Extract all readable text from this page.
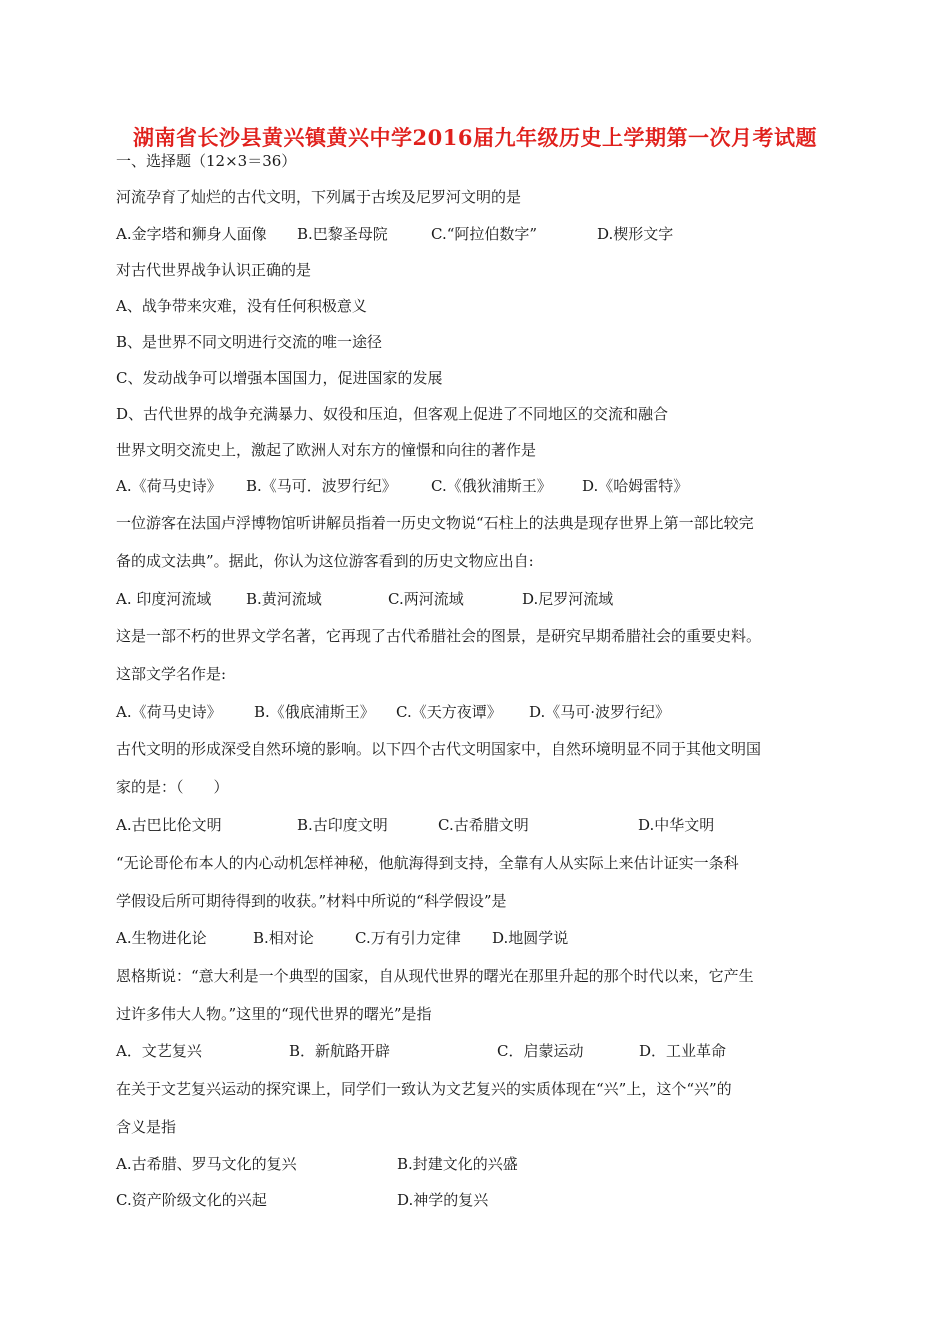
湖南省长沙县黄兴镇黄兴中学2016届九年级历史上学期第一次月考试题
一、选择题（12×3＝36）
河流孕育了灿烂的古代文明，下列属于古埃及尼罗河文明的是
A.金字塔和狮身人面像 B.巴黎圣母院	C.“阿拉伯数字”	D.楔形文字
对古代世界战争认识正确的是
A、战争带来灾难，没有任何积极意义
B、是世界不同文明进行交流的唯一途径
C、发动战争可以增强本国国力，促进国家的发展
D、古代世界的战争充满暴力、奴役和压迫，但客观上促进了不同地区的交流和融合
世界文明交流史上，激起了欧洲人对东方的憧憬和向往的著作是
A.《荷马史诗》 B.《马可．波罗行纪》 C.《俄狄浦斯王》 D.《哈姆雷特》
一位游客在法国卢浮博物馆听讲解员指着一历史文物说“石柱上的法典是现存世界上第一部比较完
备的成文法典”。据此，你认为这位游客看到的历史文物应出自:
A. 印度河流域 B.黄河流域	C.两河流域	D.尼罗河流域
这是一部不朽的世界文学名著，它再现了古代希腊社会的图景，是研究早期希腊社会的重要史料。
这部文学名作是:
A.《荷马史诗》 B.《俄底浦斯王》 C.《天方夜谭》 D.《马可·波罗行纪》
古代文明的形成深受自然环境的影响。以下四个古代文明国家中，自然环境明显不同于其他文明国
家的是：（　　）
A.古巴比伦文明	B.古印度文明	C.古希腊文明	D.中华文明
“无论哥伦布本人的内心动机怎样神秘，他航海得到支持，全靠有人从实际上来估计证实一条科
学假设后所可期待得到的收获。”材料中所说的“科学假设”是
A.生物进化论	B.相对论	C.万有引力定律 D.地圆学说
恩格斯说：“意大利是一个典型的国家，自从现代世界的曙光在那里升起的那个时代以来，它产生
过许多伟大人物。”这里的“现代世界的曙光”是指
A．文艺复兴	B．新航路开辟	C．启蒙运动	D．工业革命
在关于文艺复兴运动的探究课上，同学们一致认为文艺复兴的实质体现在“兴”上，这个“兴”的
含义是指
A.古希腊、罗马文化的复兴	B.封建文化的兴盛
C.资产阶级文化的兴起	D.神学的复兴
